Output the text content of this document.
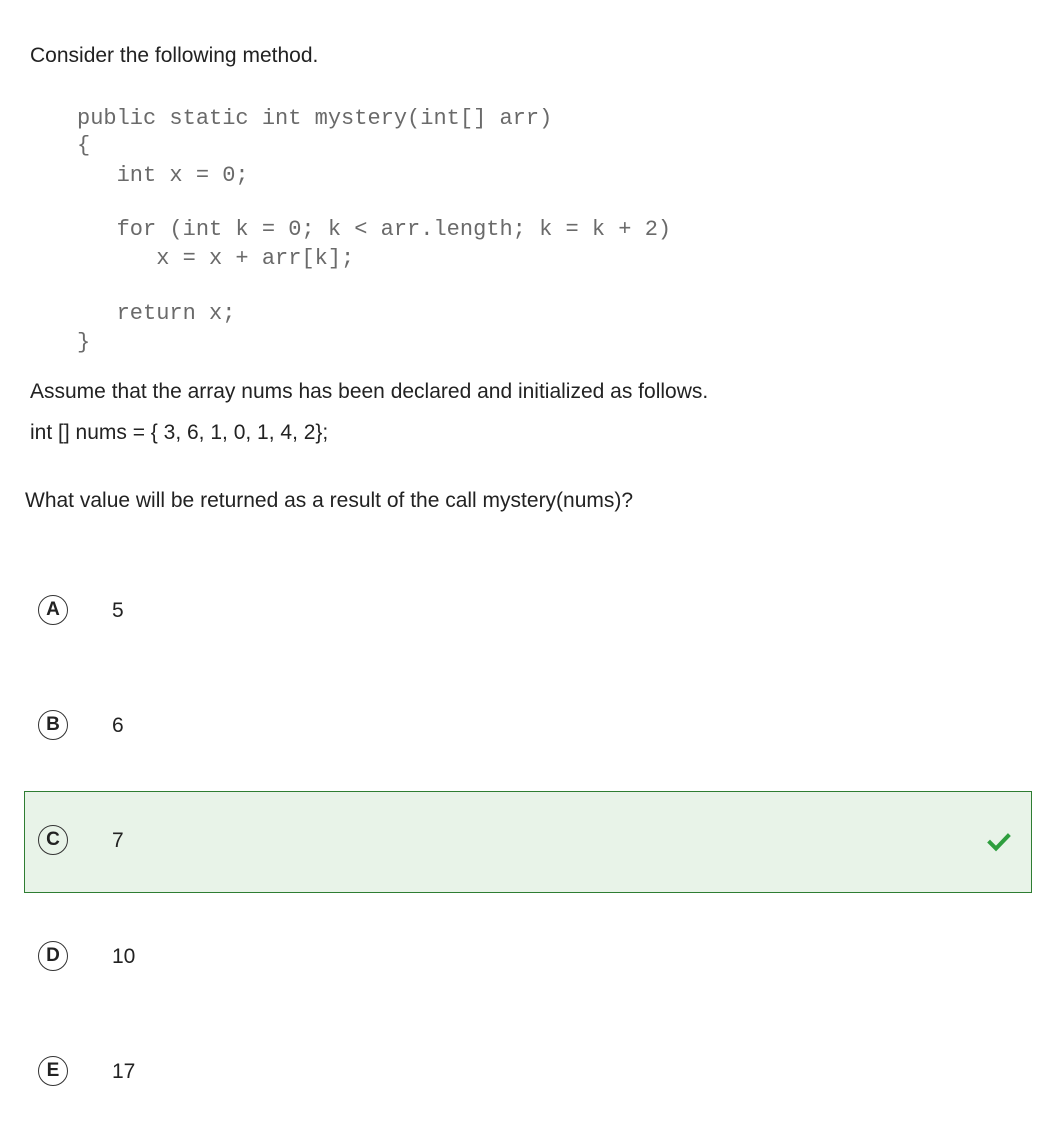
Consider the following method.
public static int mystery(int[] arr)
{
int x = 0;
for (int k = 0; k < arr.length; k = k + 2)
x = x + arr[k];
return x;
}
Assume that the array nums has been declared and initialized as follows.
int [] nums = { 3, 6, 1, 0, 1, 4, 2};
What value will be returned as a result of the call mystery(nums)?
A	5
B	6
C	7
D	10
E	17
